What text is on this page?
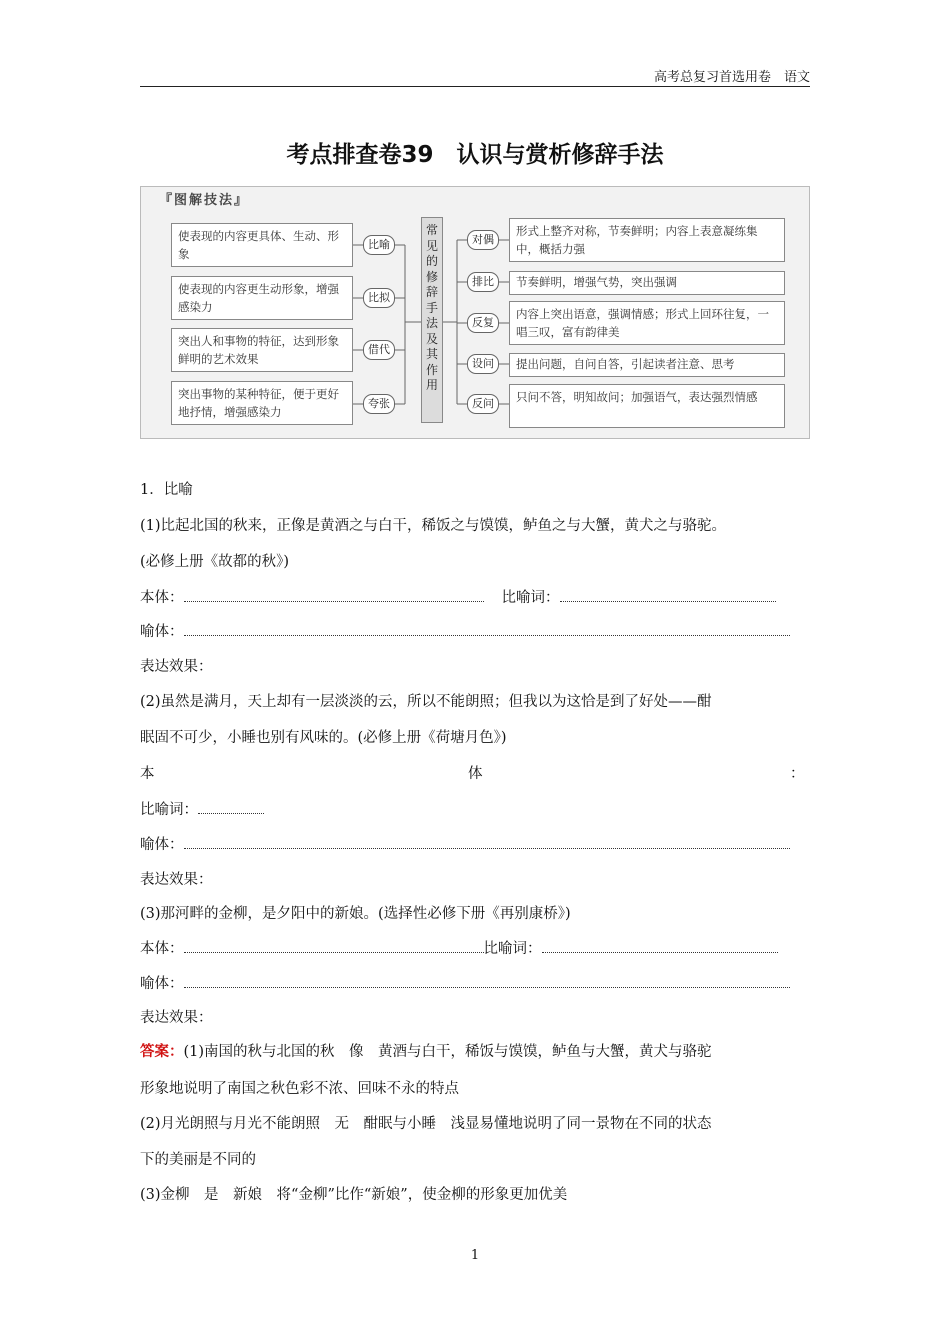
高考总复习首选用卷　语文
考点排查卷39　认识与赏析修辞手法
『图解技法』
使表现的内容更具体、生动、形象
使表现的内容更生动形象，增强感染力
突出人和事物的特征，达到形象鲜明的艺术效果
突出事物的某种特征，便于更好地抒情，增强感染力
比喻
比拟
借代
夸张
常见的修辞手法及其作用
对偶
排比
反复
设问
反问
形式上整齐对称，节奏鲜明；内容上表意凝练集中，概括力强
节奏鲜明，增强气势，突出强调
内容上突出语意，强调情感；形式上回环往复，一唱三叹，富有韵律美
提出问题，自问自答，引起读者注意、思考
只问不答，明知故问；加强语气，表达强烈情感
1．比喻
(1)比起北国的秋来，正像是黄酒之与白干，稀饭之与馍馍，鲈鱼之与大蟹，黄犬之与骆驼。
(必修上册《故都的秋》)
本体：	比喻词：
喻体：
表达效果：
(2)虽然是满月，天上却有一层淡淡的云，所以不能朗照；但我以为这恰是到了好处——酣
眠固不可少，小睡也别有风味的。(必修上册《荷塘月色》)
本	体	：
比喻词：
喻体：
表达效果：
(3)那河畔的金柳，是夕阳中的新娘。(选择性必修下册《再别康桥》)
本体：	比喻词：
喻体：
表达效果：
答案：(1)南国的秋与北国的秋　像　黄酒与白干，稀饭与馍馍，鲈鱼与大蟹，黄犬与骆驼
形象地说明了南国之秋色彩不浓、回味不永的特点
(2)月光朗照与月光不能朗照　无　酣眠与小睡　浅显易懂地说明了同一景物在不同的状态
下的美丽是不同的
(3)金柳　是　新娘　将“金柳”比作“新娘”，使金柳的形象更加优美
1
